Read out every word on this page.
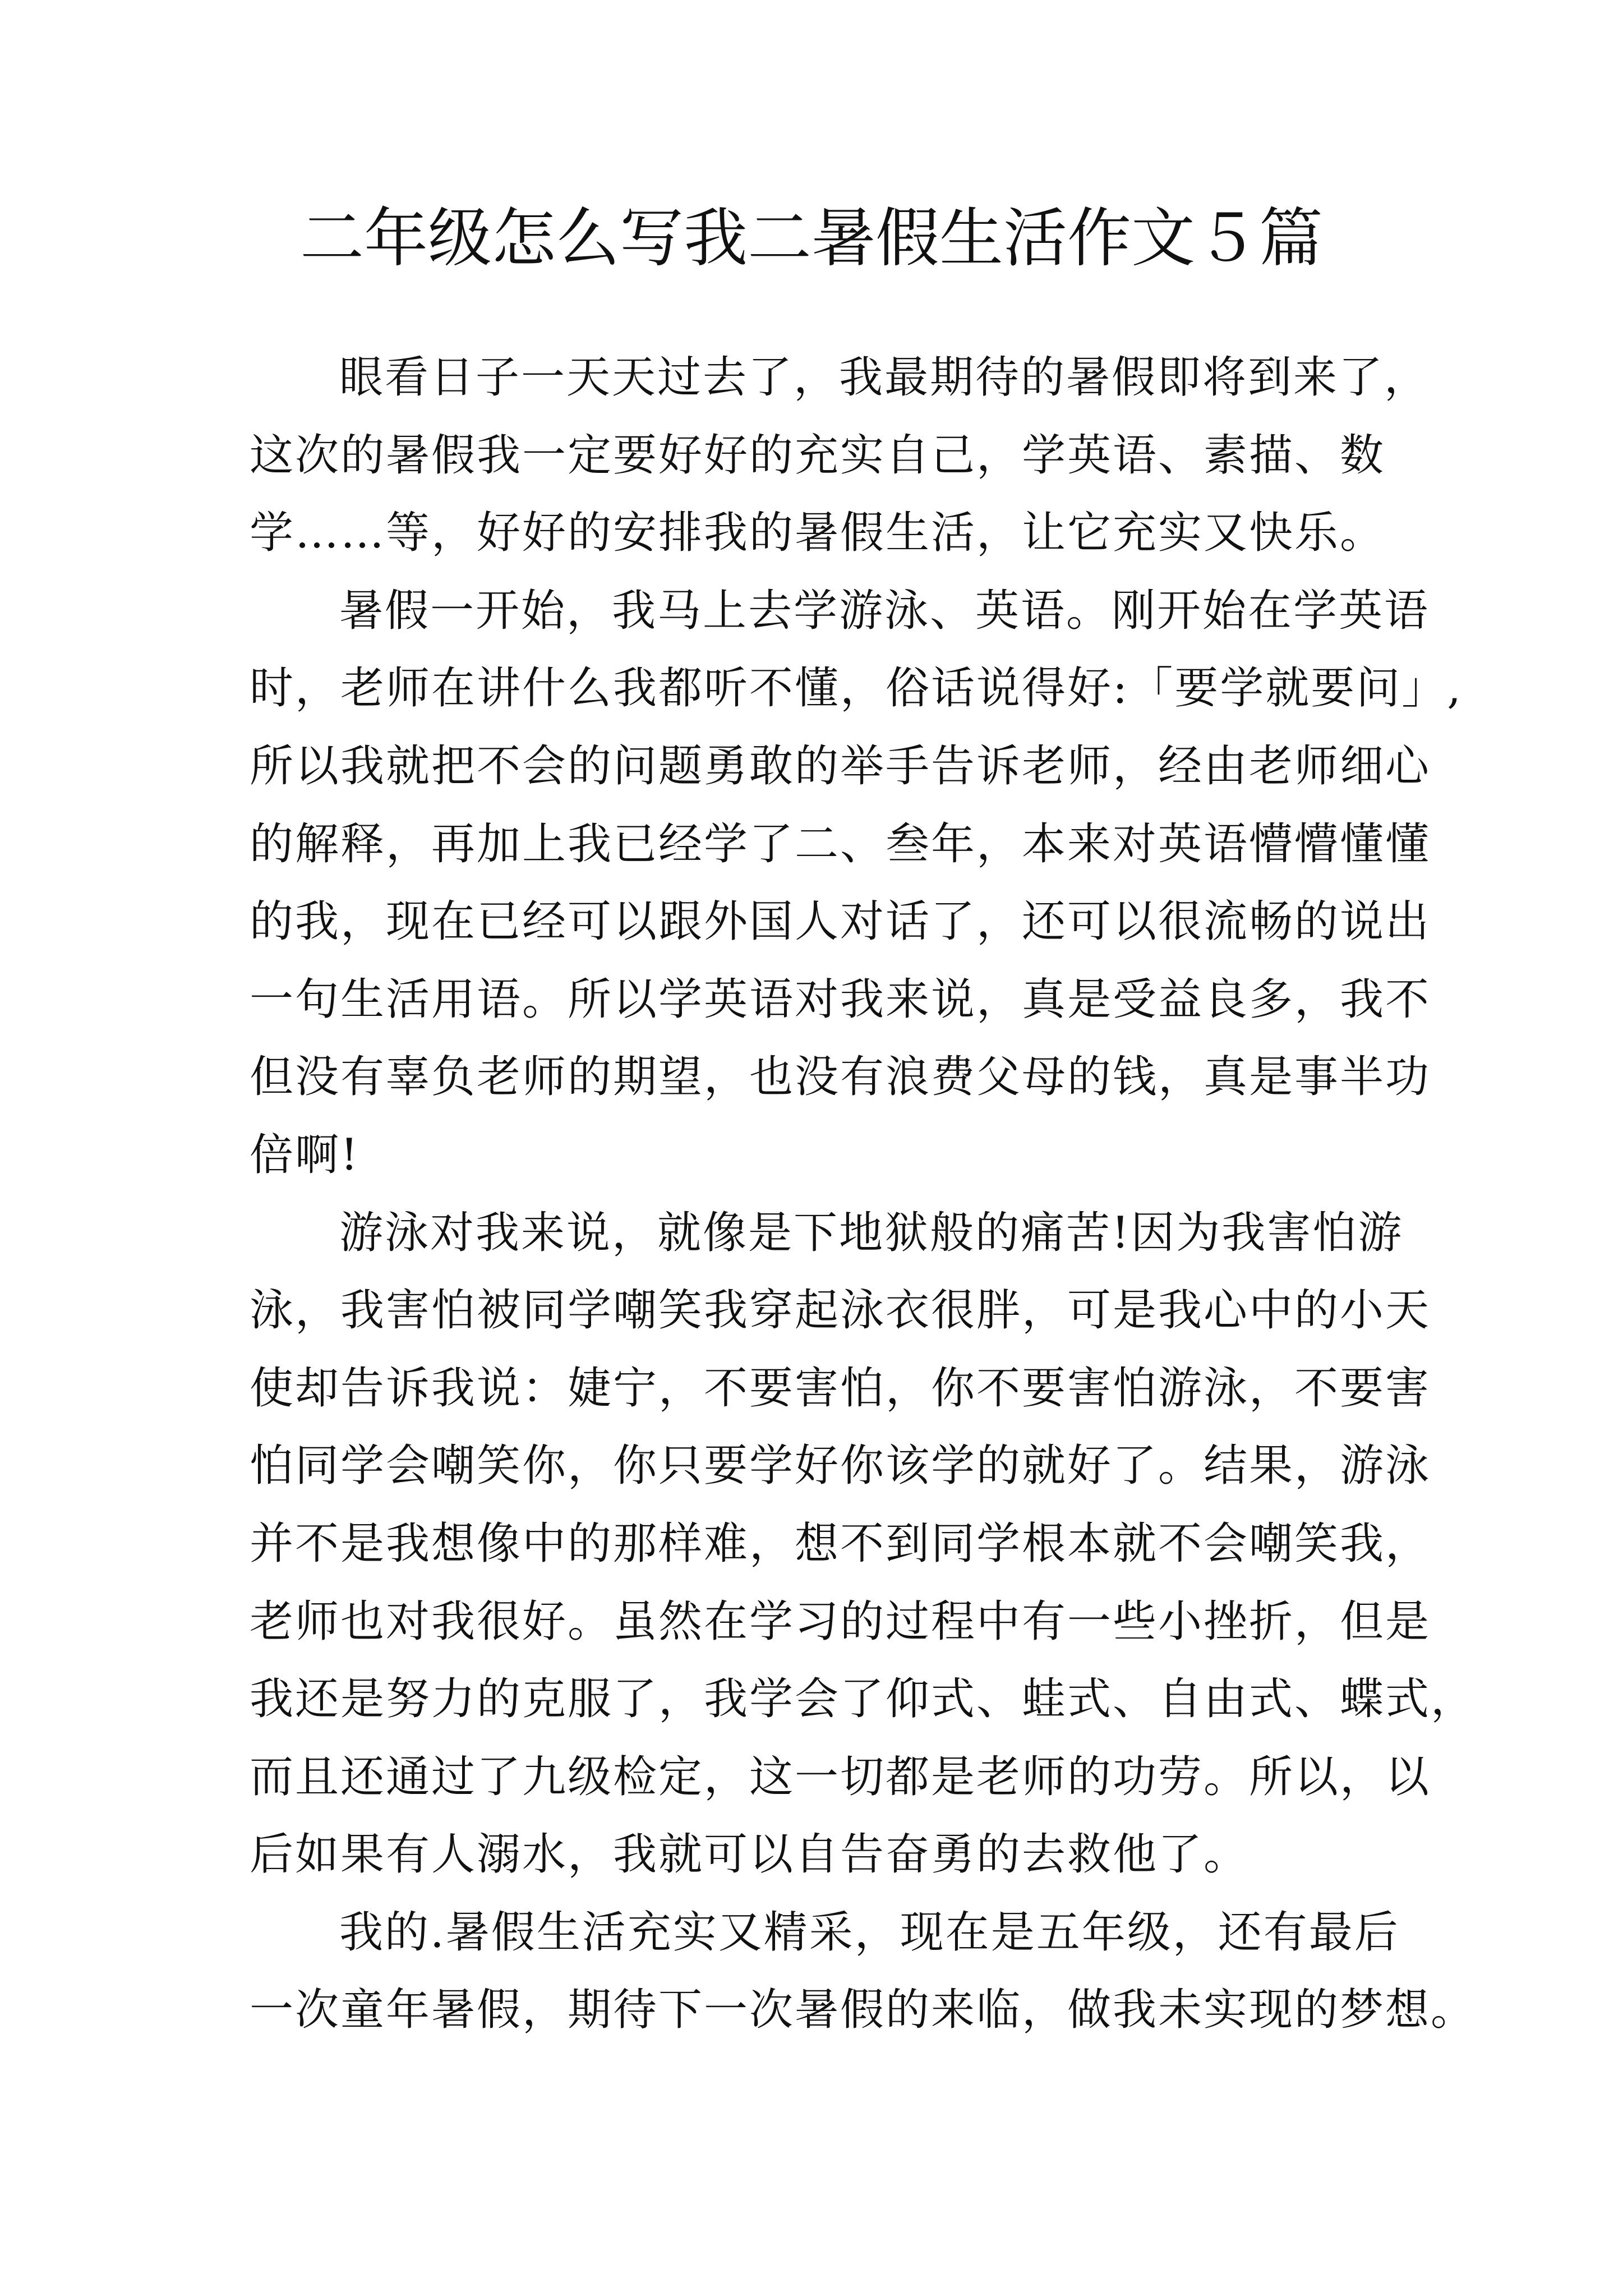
二年级怎么写我二暑假生活作文５篇

眼看日子一天天过去了，我最期待的暑假即将到来了，

这次的暑假我一定要好好的充实自己，学英语、素描、数

学……等，好好的安排我的暑假生活，让它充实又快乐。

暑假一开始，我马上去学游泳、英语。刚开始在学英语

时，老师在讲什么我都听不懂，俗话说得好:「要学就要问」,

所以我就把不会的问题勇敢的举手告诉老师，经由老师细心

的解释，再加上我已经学了二、叁年，本来对英语懵懵懂懂

的我，现在已经可以跟外国人对话了，还可以很流畅的说出

一句生活用语。所以学英语对我来说，真是受益良多，我不

但没有辜负老师的期望，也没有浪费父母的钱，真是事半功

倍啊!

游泳对我来说，就像是下地狱般的痛苦!因为我害怕游

泳，我害怕被同学嘲笑我穿起泳衣很胖，可是我心中的小天

使却告诉我说：婕宁，不要害怕，你不要害怕游泳，不要害

怕同学会嘲笑你，你只要学好你该学的就好了。结果，游泳

并不是我想像中的那样难，想不到同学根本就不会嘲笑我，

老师也对我很好。虽然在学习的过程中有一些小挫折，但是

我还是努力的克服了，我学会了仰式、蛙式、自由式、蝶式，

而且还通过了九级检定，这一切都是老师的功劳。所以，以

后如果有人溺水，我就可以自告奋勇的去救他了。

我的.暑假生活充实又精采，现在是五年级，还有最后

一次童年暑假，期待下一次暑假的来临，做我未实现的梦想。
